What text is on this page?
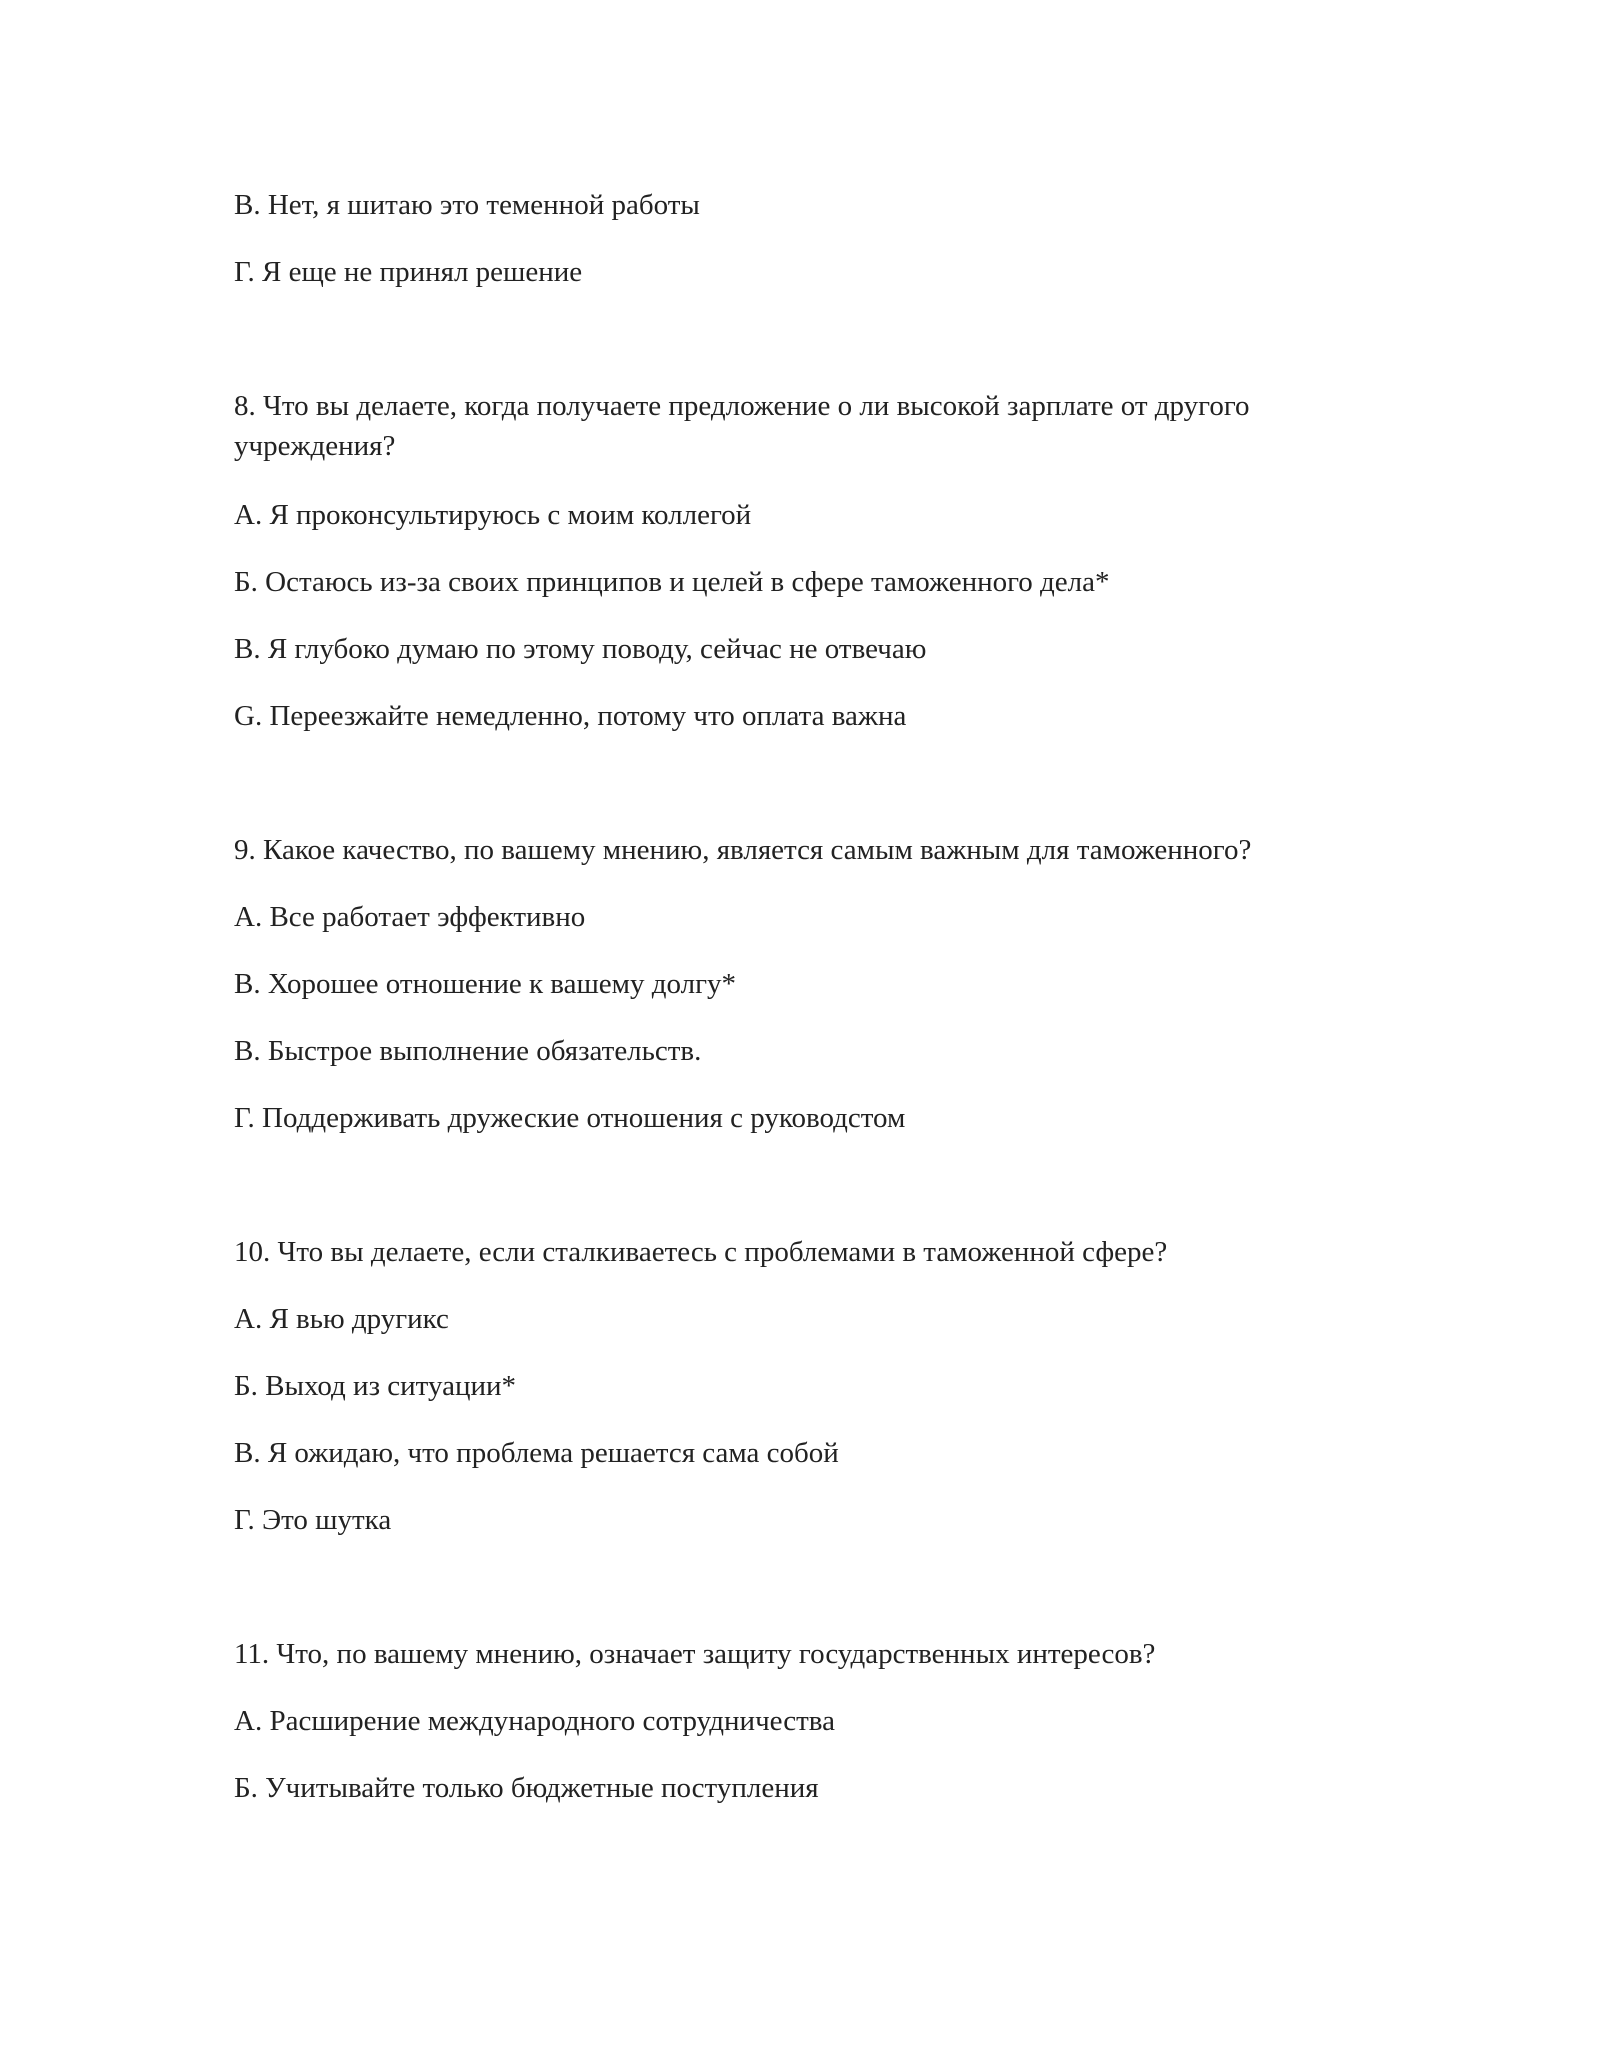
В. Нет, я шитаю это теменной работы
Г. Я еще не принял решение
8. Что вы делаете, когда получаете предложение о ли высокой зарплате от другого учреждения?
А. Я проконсультируюсь с моим коллегой
Б. Остаюсь из-за своих принципов и целей в сфере таможенного дела*
В. Я глубоко думаю по этому поводу, сейчас не отвечаю
G. Переезжайте немедленно, потому что оплата важна
9. Какое качество, по вашему мнению, является самым важным для таможенного?
А. Все работает эффективно
В. Хорошее отношение к вашему долгу*
В. Быстрое выполнение обязательств.
Г. Поддерживать дружеские отношения с руководстом
10. Что вы делаете, если сталкиваетесь с проблемами в таможенной сфере?
А. Я вью другикс
Б. Выход из ситуации*
В. Я ожидаю, что проблема решается сама собой
Г. Это шутка
11. Что, по вашему мнению, означает защиту государственных интересов?
А. Расширение международного сотрудничества
Б. Учитывайте только бюджетные поступления
